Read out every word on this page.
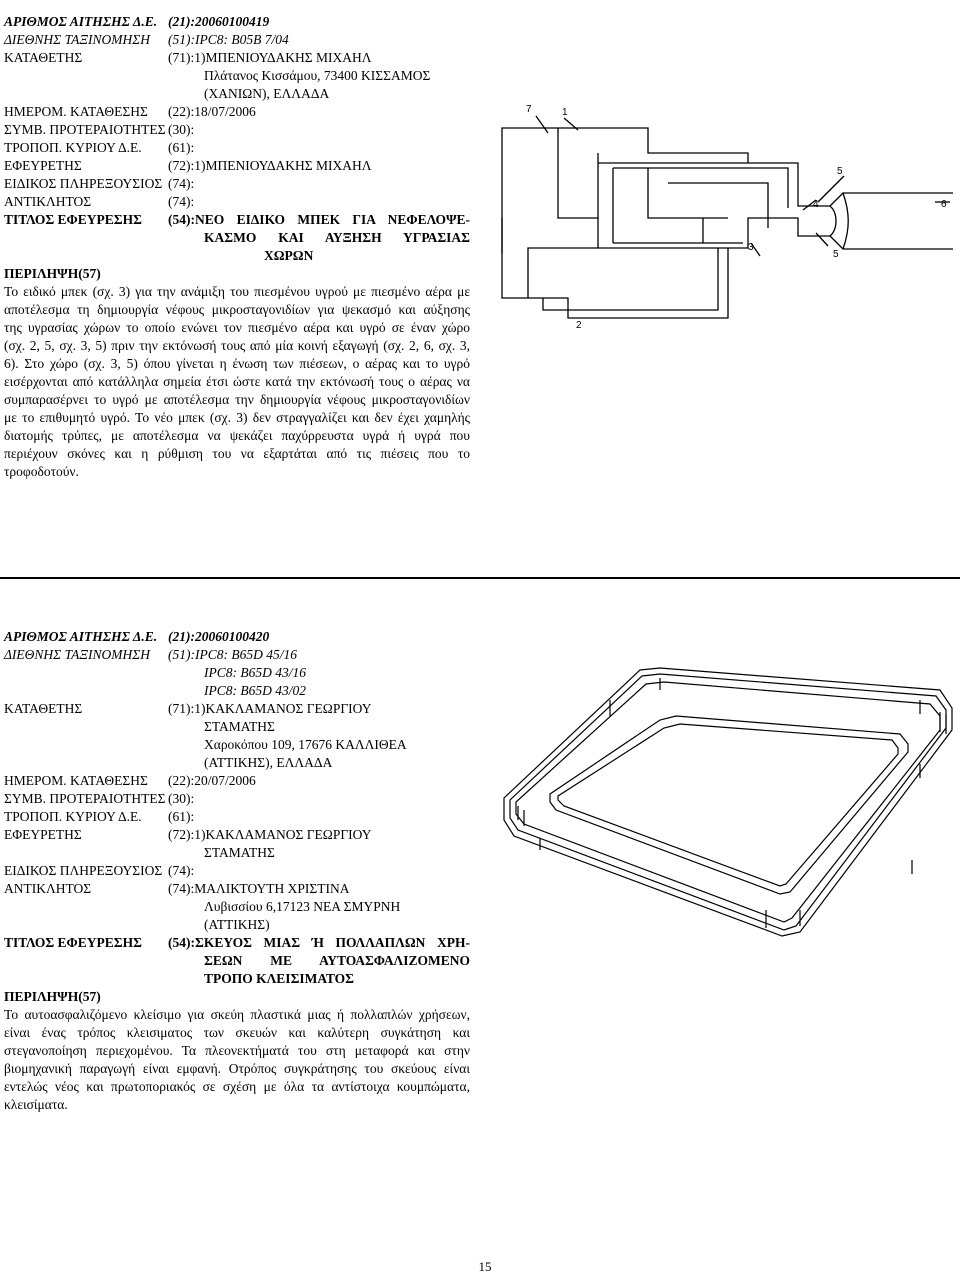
ΑΡΙΘΜΟΣ ΑΙΤΗΣΗΣ Δ.Ε. (21):20060100419
ΔΙΕΘΝΗΣ ΤΑΞΙΝΟΜΗΣΗ (51):IPC8: B05B 7/04
ΚΑΤΑΘΕΤΗΣ	(71):1)ΜΠΕΝΙΟΥΔΑΚΗΣ ΜΙΧΑΗΛ
Πλάτανος Κισσάμου, 73400 ΚΙΣΣΑΜΟΣ
(ΧΑΝΙΩΝ), ΕΛΛΑΔΑ
ΗΜΕΡΟΜ. ΚΑΤΑΘΕΣΗΣ (22):18/07/2006
ΣΥΜΒ. ΠΡΟΤΕΡΑΙΟΤΗΤΕΣ (30):
ΤΡΟΠΟΠ. ΚΥΡΙΟΥ Δ.Ε. (61):
ΕΦΕΥΡΕΤΗΣ	(72):1)ΜΠΕΝΙΟΥΔΑΚΗΣ ΜΙΧΑΗΛ
ΕΙΔΙΚΟΣ ΠΛΗΡΕΞΟΥΣΙΟΣ (74):
ΑΝΤΙΚΛΗΤΟΣ	(74):
ΤΙΤΛΟΣ ΕΦΕΥΡΕΣΗΣ (54):ΝΕΟ ΕΙΔΙΚΟ ΜΠΕΚ ΓΙΑ ΝΕΦΕΛΟΨΕ-
ΚΑΣΜΟ ΚΑΙ ΑΥΞΗΣΗ ΥΓΡΑΣΙΑΣ
ΧΩΡΩΝ
ΠΕΡΙΛΗΨΗ(57)

Το ειδικό μπεκ (σχ. 3) για την ανάμιξη του πιεσμένου υγρού με πιεσμένο αέρα με

αποτέλεσμα τη δημιουργία νέφους μικροσταγονιδίων για ψεκασμό και αύξησης

της υγρασίας χώρων το οποίο ενώνει τον πιεσμένο αέρα και υγρό σε έναν χώρο

(σχ. 2, 5, σχ. 3, 5) πριν την εκτόνωσή τους από μία κοινή εξαγωγή (σχ. 2, 6, σχ. 3,

6). Στο χώρο (σχ. 3, 5) όπου γίνεται η ένωση των πιέσεων, ο αέρας και το υγρό

εισέρχονται από κατάλληλα σημεία έτσι ώστε κατά την εκτόνωσή τους ο αέρας να

συμπαρασέρνει το υγρό με αποτέλεσμα την δημιουργία νέφους μικροσταγονιδίων

με το επιθυμητό υγρό. Το νέο μπεκ (σχ. 3) δεν στραγγαλίζει και δεν έχει χαμηλής

διατομής τρύπες, με αποτέλεσμα να ψεκάζει παχύρρευστα υγρά ή υγρά που

περιέχουν σκόνες και η ρύθμιση του να εξαρτάται από τις πιέσεις που το

τροφοδοτούν.

7	1
5
4	6
3
5
2
ΑΡΙΘΜΟΣ ΑΙΤΗΣΗΣ Δ.Ε. (21):20060100420
ΔΙΕΘΝΗΣ ΤΑΞΙΝΟΜΗΣΗ (51):IPC8: B65D 45/16
IPC8: B65D 43/16
IPC8: B65D 43/02
ΚΑΤΑΘΕΤΗΣ	(71):1)ΚΑΚΛΑΜΑΝΟΣ ΓΕΩΡΓΙΟΥ
ΣΤΑΜΑΤΗΣ
Χαροκόπου 109, 17676 ΚΑΛΛΙΘΕΑ
(ΑΤΤΙΚΗΣ), ΕΛΛΑΔΑ
ΗΜΕΡΟΜ. ΚΑΤΑΘΕΣΗΣ (22):20/07/2006
ΣΥΜΒ. ΠΡΟΤΕΡΑΙΟΤΗΤΕΣ (30):
ΤΡΟΠΟΠ. ΚΥΡΙΟΥ Δ.Ε. (61):
ΕΦΕΥΡΕΤΗΣ	(72):1)ΚΑΚΛΑΜΑΝΟΣ ΓΕΩΡΓΙΟΥ
ΣΤΑΜΑΤΗΣ
ΕΙΔΙΚΟΣ ΠΛΗΡΕΞΟΥΣΙΟΣ (74):
ΑΝΤΙΚΛΗΤΟΣ	(74):ΜΑΛΙΚΤΟΥΤΗ ΧΡΙΣΤΙΝΑ
Λυβισσίου 6,17123 ΝΕΑ ΣΜΥΡΝΗ
(ΑΤΤΙΚΗΣ)
ΤΙΤΛΟΣ ΕΦΕΥΡΕΣΗΣ (54):ΣΚΕΥΟΣ ΜΙΑΣ Ή ΠΟΛΛΑΠΛΩΝ ΧΡΗ-
ΣΕΩΝ ΜΕ ΑΥΤΟΑΣΦΑΛΙΖΟΜΕΝΟ
ΤΡΟΠΟ ΚΛΕΙΣΙΜΑΤΟΣ
ΠΕΡΙΛΗΨΗ(57)

Το αυτοασφαλιζόμενο κλείσιμο για σκεύη πλαστικά μιας ή πολλαπλών χρήσεων,

είναι ένας τρόπος κλεισιματος των σκευών και καλύτερη συγκάτηση και

στεγανοποίηση περιεχομένου. Τα πλεονεκτήματά του στη μεταφορά και στην

βιομηχανική παραγωγή είναι εμφανή. Οτρόπος συγκράτησης του σκεύους είναι

εντελώς νέος και πρωτοποριακός σε σχέση με όλα τα αντίστοιχα κουμπώματα,

κλεισίματα.

15
